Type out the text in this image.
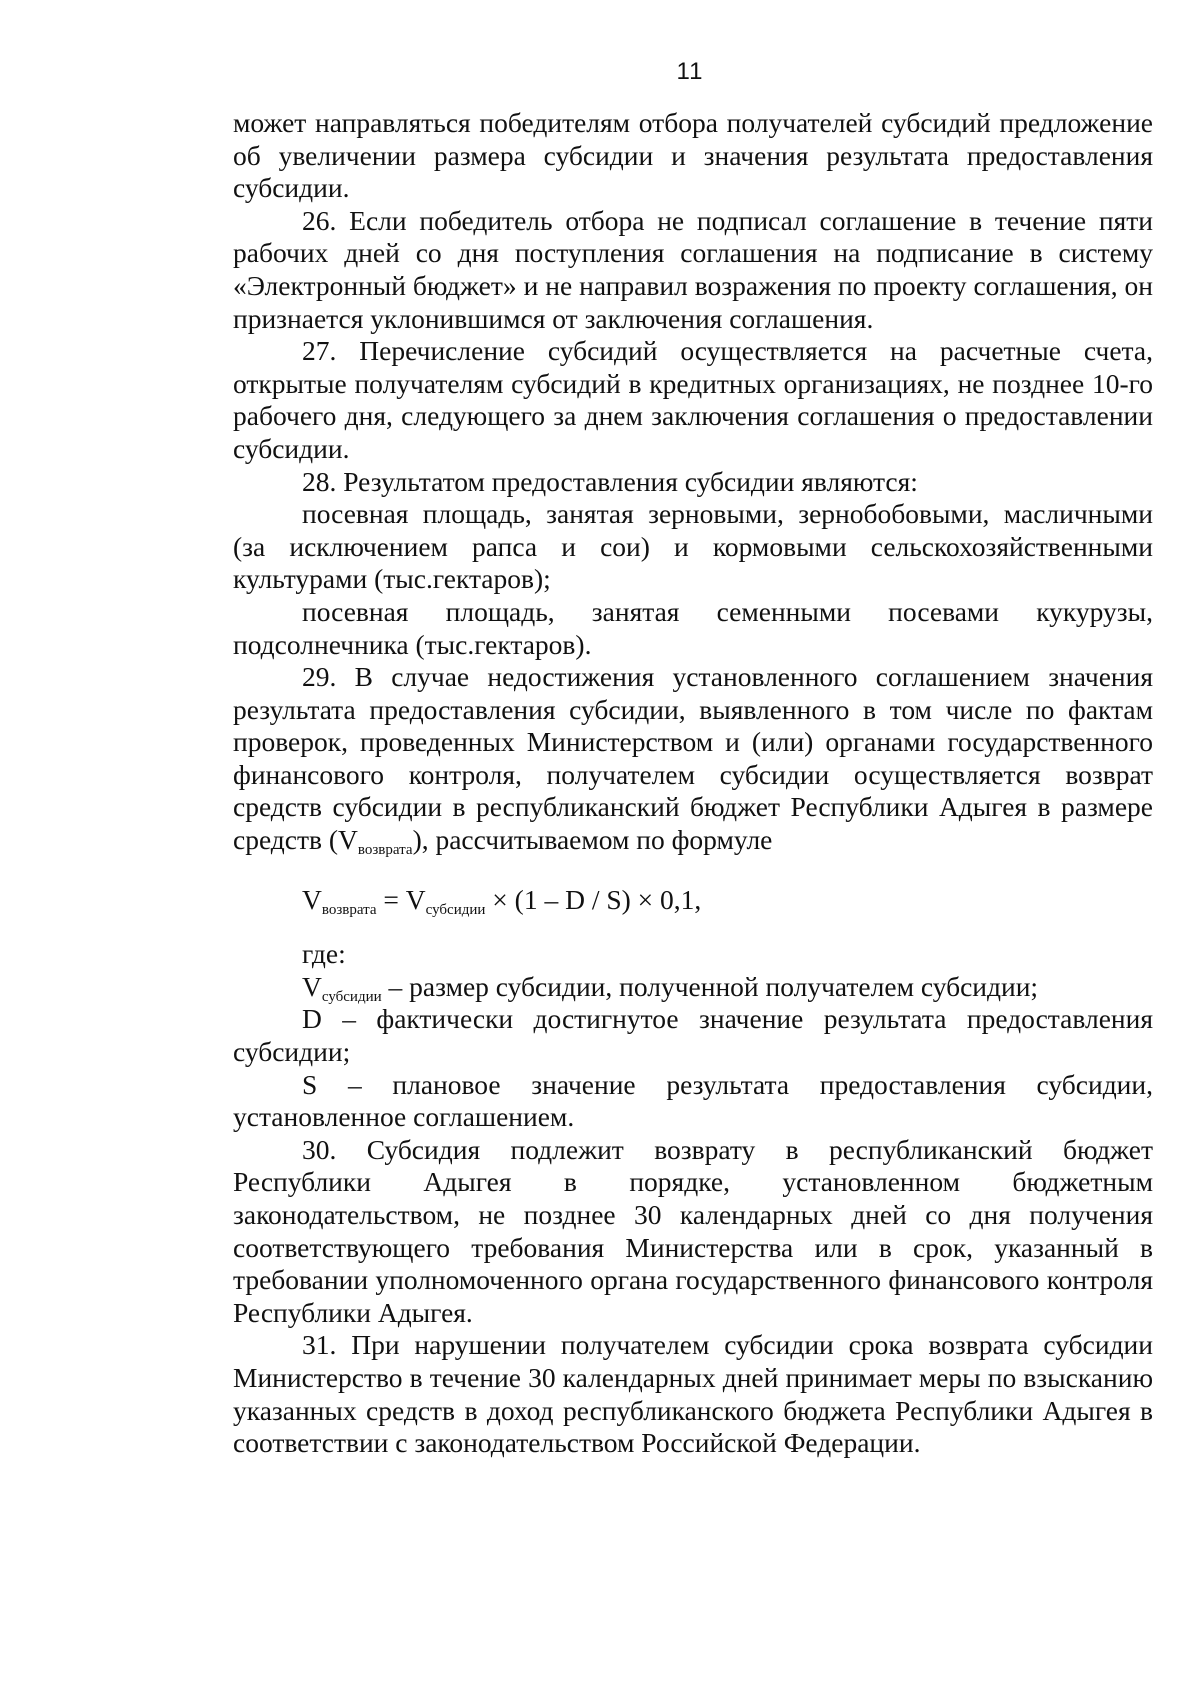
11

может направляться победителям отбора получателей субсидий предложение об увеличении размера субсидии и значения результата предоставления субсидии.

26. Если победитель отбора не подписал соглашение в течение пяти рабочих дней со дня поступления соглашения на подписание в систему «Электронный бюджет» и не направил возражения по проекту соглашения, он признается уклонившимся от заключения соглашения.

27. Перечисление субсидий осуществляется на расчетные счета, открытые получателям субсидий в кредитных организациях, не позднее 10-го рабочего дня, следующего за днем заключения соглашения о предоставлении субсидии.

28. Результатом предоставления субсидии являются:

посевная площадь, занятая зерновыми, зернобобовыми, масличными (за исключением рапса и сои) и кормовыми сельскохозяйственными культурами (тыс.гектаров);

посевная площадь, занятая семенными посевами кукурузы, подсолнечника (тыс.гектаров).

29. В случае недостижения установленного соглашением значения результата предоставления субсидии, выявленного в том числе по фактам проверок, проведенных Министерством и (или) органами государственного финансового контроля, получателем субсидии осуществляется возврат средств субсидии в республиканский бюджет Республики Адыгея в размере средств $(V_{возврата})$, рассчитываемом по формуле

$V_{возврата} = V_{субсидии} \times (1 - D / S) \times 0,1$,

где:

$V_{субсидии}$ – размер субсидии, полученной получателем субсидии;

D – фактически достигнутое значение результата предоставления субсидии;

S – плановое значение результата предоставления субсидии, установленное соглашением.

30. Субсидия подлежит возврату в республиканский бюджет Республики Адыгея в порядке, установленном бюджетным законодательством, не позднее 30 календарных дней со дня получения соответствующего требования Министерства или в срок, указанный в требовании уполномоченного органа государственного финансового контроля Республики Адыгея.

31. При нарушении получателем субсидии срока возврата субсидии Министерство в течение 30 календарных дней принимает меры по взысканию указанных средств в доход республиканского бюджета Республики Адыгея в соответствии с законодательством Российской Федерации.
